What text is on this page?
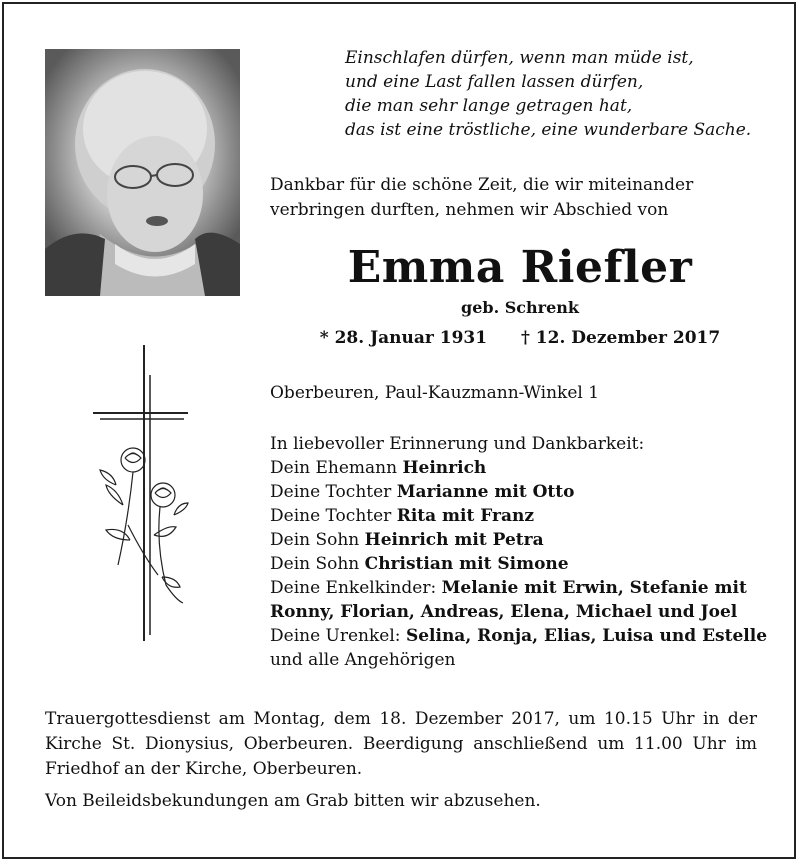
Einschlafen dürfen, wenn man müde ist,
und eine Last fallen lassen dürfen,
die man sehr lange getragen hat,
das ist eine tröstliche, eine wunderbare Sache.
Dankbar für die schöne Zeit, die wir miteinander
verbringen durften, nehmen wir Abschied von
Emma Riefler
geb. Schrenk
* 28. Januar 1931 † 12. Dezember 2017
Oberbeuren, Paul-Kauzmann-Winkel 1
In liebevoller Erinnerung und Dankbarkeit:
Dein Ehemann Heinrich
Deine Tochter Marianne mit Otto
Deine Tochter Rita mit Franz
Dein Sohn Heinrich mit Petra
Dein Sohn Christian mit Simone
Deine Enkelkinder: Melanie mit Erwin, Stefanie mit
Ronny, Florian, Andreas, Elena, Michael und Joel
Deine Urenkel: Selina, Ronja, Elias, Luisa und Estelle
und alle Angehörigen
Trauergottesdienst am Montag, dem 18. Dezember 2017, um 10.15 Uhr in der Kirche St. Dionysius, Oberbeuren. Beerdigung anschließend um 11.00 Uhr im Friedhof an der Kirche, Oberbeuren.
Von Beileidsbekundungen am Grab bitten wir abzusehen.
